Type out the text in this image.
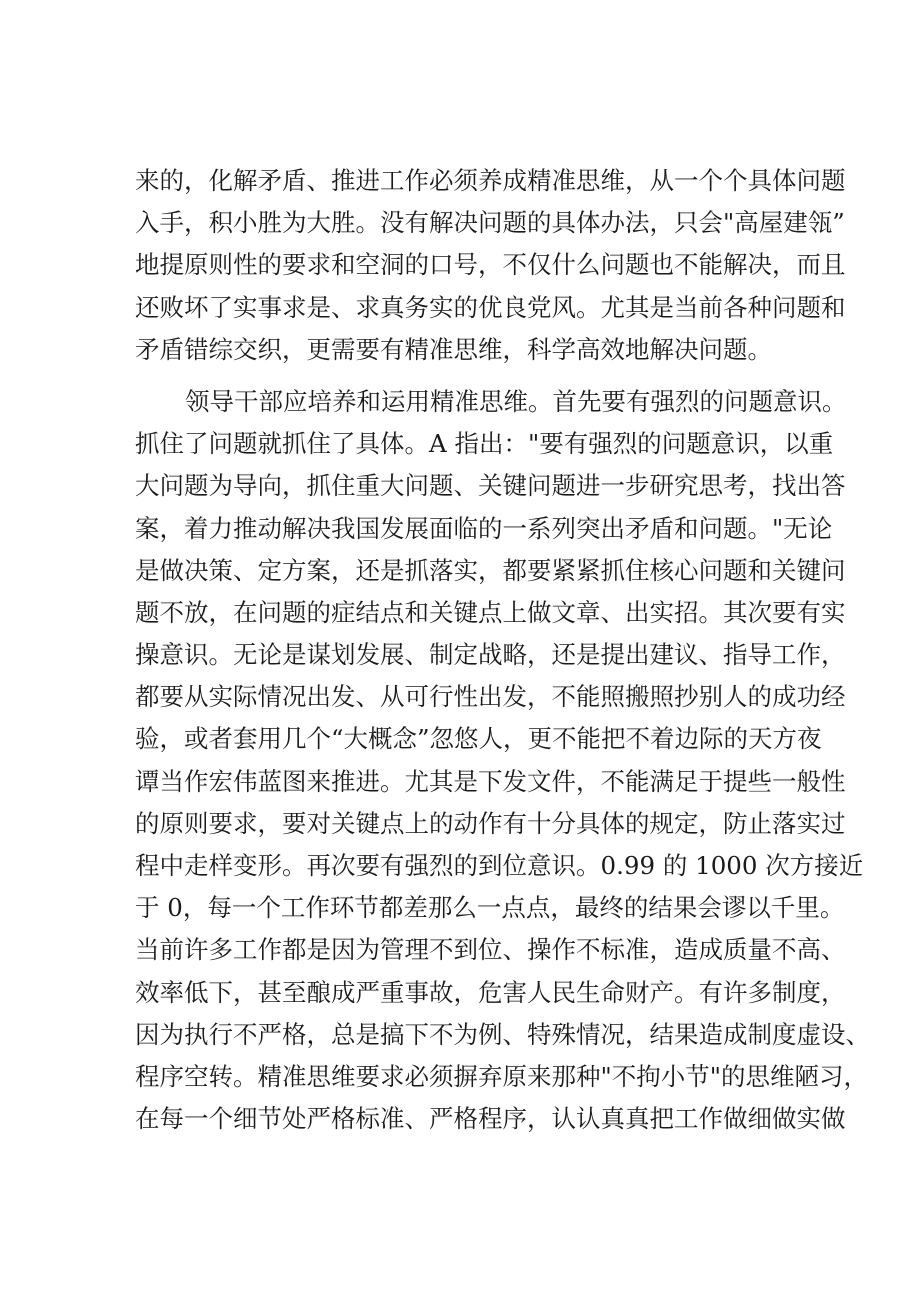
来的，化解矛盾、推进工作必须养成精准思维，从一个个具体问题
入手，积小胜为大胜。没有解决问题的具体办法，只会"高屋建瓴”
地提原则性的要求和空洞的口号，不仅什么问题也不能解决，而且
还败坏了实事求是、求真务实的优良党风。尤其是当前各种问题和
矛盾错综交织，更需要有精准思维，科学高效地解决问题。
领导干部应培养和运用精准思维。首先要有强烈的问题意识。
抓住了问题就抓住了具体。A 指出："要有强烈的问题意识，以重
大问题为导向，抓住重大问题、关键问题进一步研究思考，找出答
案，着力推动解决我国发展面临的一系列突出矛盾和问题。"无论
是做决策、定方案，还是抓落实，都要紧紧抓住核心问题和关键问
题不放，在问题的症结点和关键点上做文章、出实招。其次要有实
操意识。无论是谋划发展、制定战略，还是提出建议、指导工作，
都要从实际情况出发、从可行性出发，不能照搬照抄别人的成功经
验，或者套用几个“大概念”忽悠人，更不能把不着边际的天方夜
谭当作宏伟蓝图来推进。尤其是下发文件，不能满足于提些一般性
的原则要求，要对关键点上的动作有十分具体的规定，防止落实过
程中走样变形。再次要有强烈的到位意识。0.99 的 1000 次方接近
于 0，每一个工作环节都差那么一点点，最终的结果会谬以千里。
当前许多工作都是因为管理不到位、操作不标准，造成质量不高、
效率低下，甚至酿成严重事故，危害人民生命财产。有许多制度，
因为执行不严格，总是搞下不为例、特殊情况，结果造成制度虚设、
程序空转。精准思维要求必须摒弃原来那种"不拘小节"的思维陋习，
在每一个细节处严格标准、严格程序，认认真真把工作做细做实做
